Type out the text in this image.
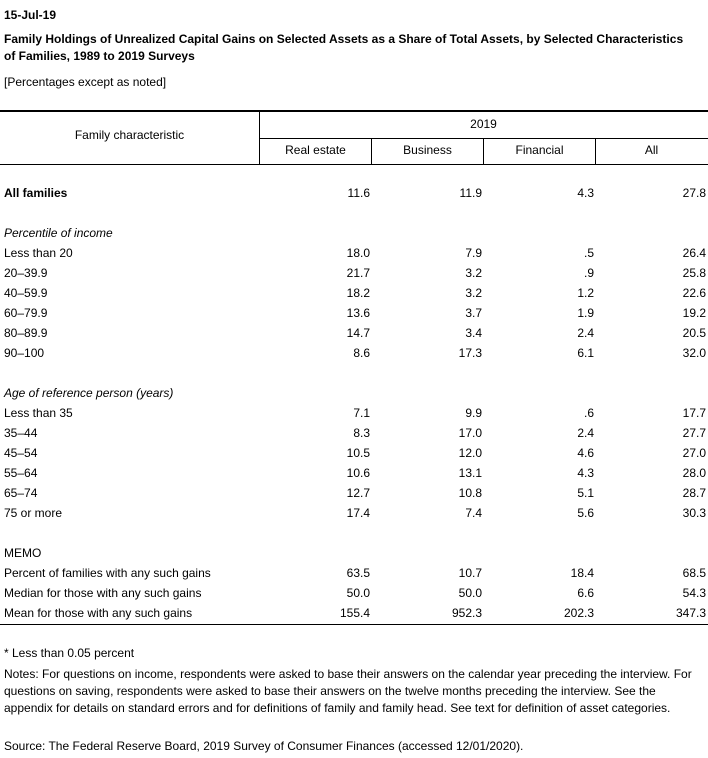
15-Jul-19
Family Holdings of Unrealized Capital Gains on Selected Assets as a Share of Total Assets, by Selected Characteristics of Families, 1989 to 2019 Surveys
[Percentages except as noted]
Family characteristic
2019
Real estate	Business	Financial	All
All families	11.6	11.9	4.3	27.8
Percentile of income
Less than 20	18.0	7.9	.5	26.4
20–39.9	21.7	3.2	.9	25.8
40–59.9	18.2	3.2	1.2	22.6
60–79.9	13.6	3.7	1.9	19.2
80–89.9	14.7	3.4	2.4	20.5
90–100	8.6	17.3	6.1	32.0
Age of reference person (years)
Less than 35	7.1	9.9	.6	17.7
35–44	8.3	17.0	2.4	27.7
45–54	10.5	12.0	4.6	27.0
55–64	10.6	13.1	4.3	28.0
65–74	12.7	10.8	5.1	28.7
75 or more	17.4	7.4	5.6	30.3
MEMO
Percent of families with any such gains	63.5	10.7	18.4	68.5
Median for those with any such gains	50.0	50.0	6.6	54.3
Mean for those with any such gains	155.4	952.3	202.3	347.3
* Less than 0.05 percent
Notes: For questions on income, respondents were asked to base their answers on the calendar year preceding the interview. For questions on saving, respondents were asked to base their answers on the twelve months preceding the interview. See the appendix for details on standard errors and for definitions of family and family head. See text for definition of asset categories.
Source: The Federal Reserve Board, 2019 Survey of Consumer Finances (accessed 12/01/2020).
